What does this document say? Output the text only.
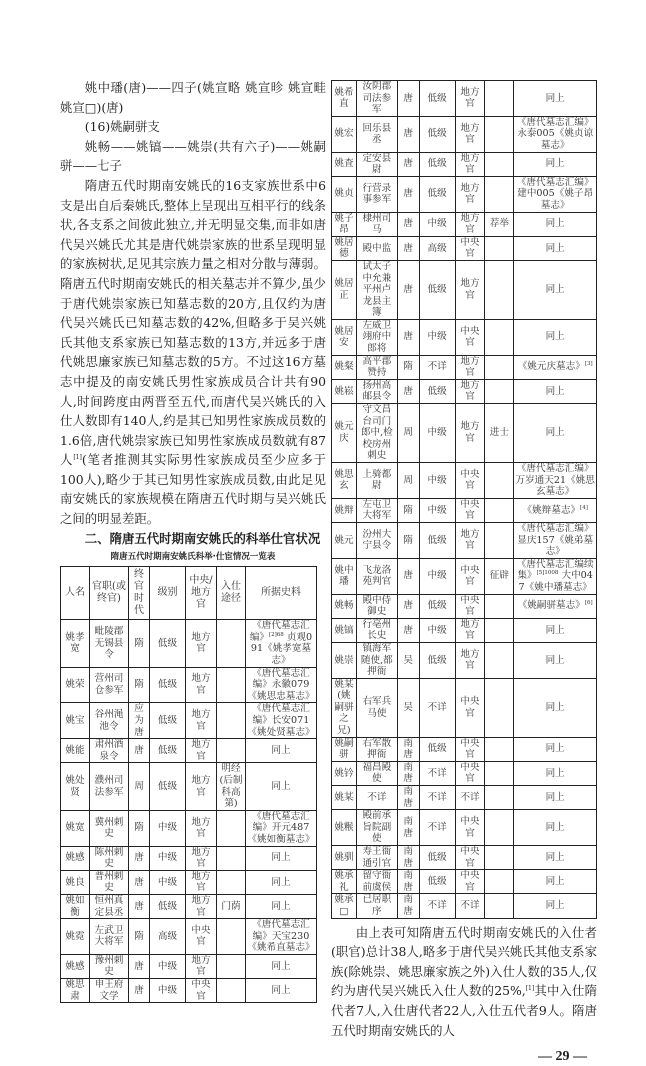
姚中璠(唐)——四子(姚宣略 姚宣昣 姚宣畦 姚宣□)(唐)

(16)姚嗣骈支

姚畅——姚镐——姚崇(共有六子)——姚嗣骈——七子

隋唐五代时期南安姚氏的16支家族世系中6支是出自后秦姚氏,整体上呈现出互相平行的线条状,各支系之间彼此独立,并无明显交集,而非如唐代吴兴姚氏尤其是唐代姚崇家族的世系呈现明显的家族树状,足见其宗族力量之相对分散与薄弱。隋唐五代时期南安姚氏的相关墓志并不算少,虽少于唐代姚崇家族已知墓志数的20方,且仅约为唐代吴兴姚氏已知墓志数的42%,但略多于吴兴姚氏其他支系家族已知墓志数的13方,并远多于唐代姚思廉家族已知墓志数的5方。不过这16方墓志中提及的南安姚氏男性家族成员合计共有90人,时间跨度由两晋至五代,而唐代吴兴姚氏的入仕人数即有140人,约是其已知男性家族成员数的1.6倍,唐代姚崇家族已知男性家族成员数就有87人[1](笔者推测其实际男性家族成员至少应多于100人),略少于其已知男性家族成员数,由此足见南安姚氏的家族规模在隋唐五代时期与吴兴姚氏之间的明显差距。

二、隋唐五代时期南安姚氏的科举仕官状况
隋唐五代时期南安姚氏科举·仕宦情况一览表
人名	官职(或终官)	终官时代	级别	中央/地方官	入仕途径	所据史料
姚孝宽	毗陵郡无锡县令	隋	低级	地方官		《唐代墓志汇编》$^{[2]68}$ 贞观091《姚孝宽墓志》
姚荣	营州司仓参军	隋	低级	地方官		《唐代墓志汇编》永徽079《姚思忠墓志》
姚宝	谷州渑池令	应为唐	低级	地方官		《唐代墓志汇编》长安071《姚处贤墓志》
姚能	肃州酒泉令	唐	低级	地方官		同上
姚处贤	濮州司法参军	周	低级	地方官	明经(后制科高第)	同上
姚宽	冀州刺史	隋	中级	地方官		《唐代墓志汇编》开元487《姚如衡墓志》
姚感	陈州刺史	唐	中级	地方官		同上
姚良	普州刺史	唐	中级	地方官		同上
姚如衡	恒州真定县丞	唐	低级	地方官	门荫	同上
姚霓	左武卫大将军	隋	高级	中央官		《唐代墓志汇编》天宝230《姚希直墓志》
姚感	豫州刺史	唐	中级	地方官		同上
姚思肃	申王府文学	唐	中级	中央官		同上
姚希直	汝阴郡司法参军	唐	低级	地方官		同上
姚宏	回乐县丞	唐	低级	地方官		《唐代墓志汇编》永泰005《姚贞谅墓志》
姚査	定安县尉	唐	低级	地方官		同上
姚贞	行营录事参军	唐	低级	地方官		《唐代墓志汇编》建中005《姚子昂墓志》
姚子昂	棣州司马	唐	中级	地方官	荐举	同上
姚居德	殿中监	唐	高级	中央官		同上
姚居正	试太子中允兼平州卢龙县主簿	唐	低级	地方官		同上
姚居安	左威卫翊府中郎将	唐	中级	中央官		同上
姚粲	高平郡赞持	隋	不详	地方官		《姚元庆墓志》[3]
姚崧	扬州高邮县令	唐	低级	地方官		同上
姚元庆	守文昌台司门郎中,检校房州刺史	周	中级	地方官	进士	同上
姚思玄	上骑都尉	周	中级	中央官		《唐代墓志汇编》万岁通天21《姚思玄墓志》
姚辩	左屯卫大将军	隋	中级	中央官		《姚辩墓志》[4]
姚元	汾州大宁县令	隋	低级	地方官		《唐代墓志汇编》显庆157《姚弟墓志》
姚中璠	飞龙洛苑判官	唐	中级	中央官	征辟	《唐代墓志汇编续集》$^{[5]1008}$ 大中047《姚中璠墓志》
姚畅	殿中侍御史	唐	低级	中央官		《姚嗣骈墓志》[6]
姚镐	行亳州长史	唐	中级	地方官		同上
姚崇	镇海军随使,都押衙	吴	低级	地方官		同上
姚某(姚嗣骈之兄)	右军兵马使	吴	不详	中央官		同上
姚嗣骈	右军散押衙	南唐	低级	中央官		同上
姚钤	福昌殿使	南唐	不详	中央官		同上
姚某	不详	南唐	不详	不详		同上
姚糇	殿前承旨院副使	南唐	不详	中央官		同上
姚驯	寿王衙通引官	南唐	低级	中央官		同上
姚承礼	留守衙前虞侯	南唐	低级	中央官		同上
姚承□	已居职序	南唐	不详	不详		同上

由上表可知隋唐五代时期南安姚氏的入仕者(职官)总计38人,略多于唐代吴兴姚氏其他支系家族(除姚崇、姚思廉家族之外)入仕人数的35人,仅约为唐代吴兴姚氏入仕人数的25%,[1]其中入仕隋代者7人,入仕唐代者22人,入仕五代者9人。隋唐五代时期南安姚氏的人

— 29 —
